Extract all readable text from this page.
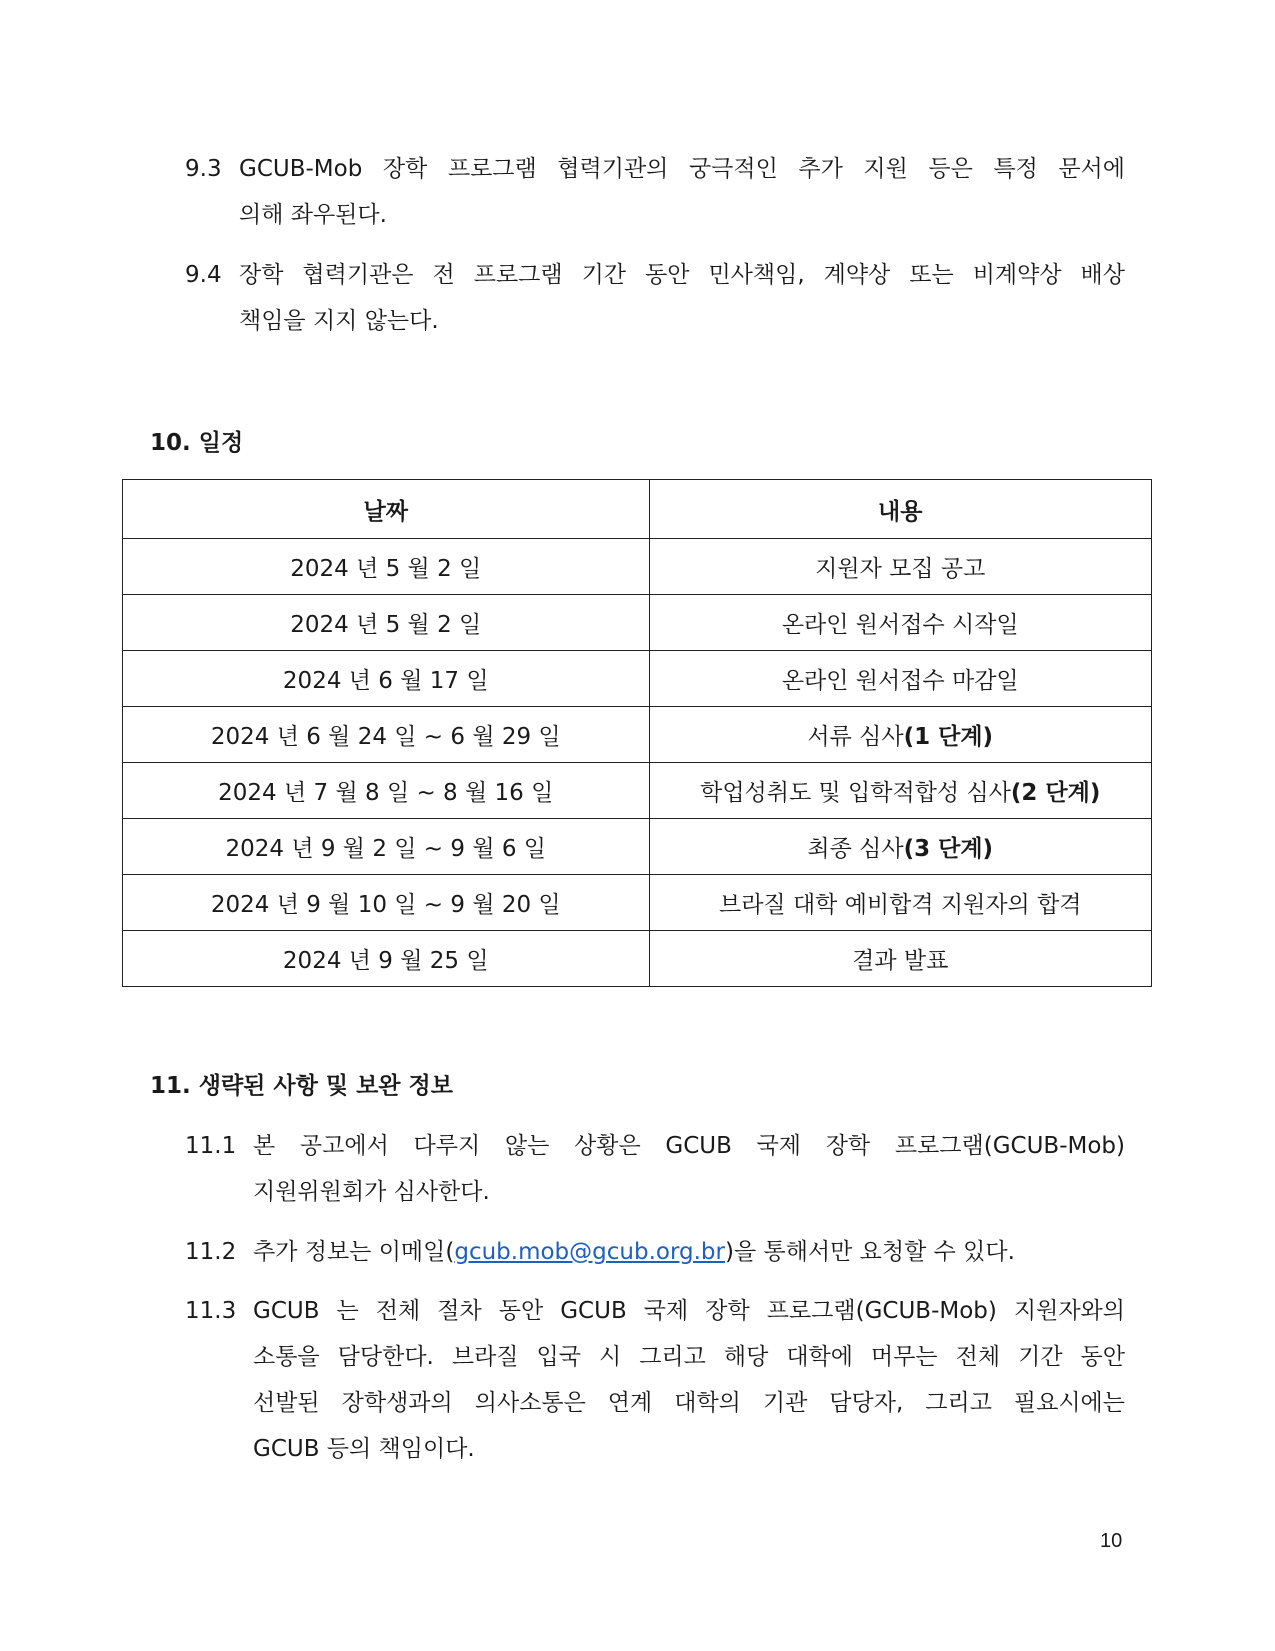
9.3 GCUB-Mob 장학 프로그램 협력기관의 궁극적인 추가 지원 등은 특정 문서에
의해 좌우된다.
9.4 장학 협력기관은 전 프로그램 기간 동안 민사책임, 계약상 또는 비계약상 배상
책임을 지지 않는다.
10. 일정
날짜	내용
2024 년 5 월 2 일	지원자 모집 공고
2024 년 5 월 2 일	온라인 원서접수 시작일
2024 년 6 월 17 일	온라인 원서접수 마감일
2024 년 6 월 24 일 ~ 6 월 29 일	서류 심사(1 단계)
2024 년 7 월 8 일 ~ 8 월 16 일	학업성취도 및 입학적합성 심사(2 단계)
2024 년 9 월 2 일 ~ 9 월 6 일	최종 심사(3 단계)
2024 년 9 월 10 일 ~ 9 월 20 일	브라질 대학 예비합격 지원자의 합격
2024 년 9 월 25 일	결과 발표
11. 생략된 사항 및 보완 정보
11.1 본 공고에서 다루지 않는 상황은 GCUB 국제 장학 프로그램(GCUB-Mob)
지원위원회가 심사한다.
11.2 추가 정보는 이메일(gcub.mob@gcub.org.br)을 통해서만 요청할 수 있다.
11.3 GCUB 는 전체 절차 동안 GCUB 국제 장학 프로그램(GCUB-Mob) 지원자와의
소통을 담당한다. 브라질 입국 시 그리고 해당 대학에 머무는 전체 기간 동안
선발된 장학생과의 의사소통은 연계 대학의 기관 담당자, 그리고 필요시에는
GCUB 등의 책임이다.
10
